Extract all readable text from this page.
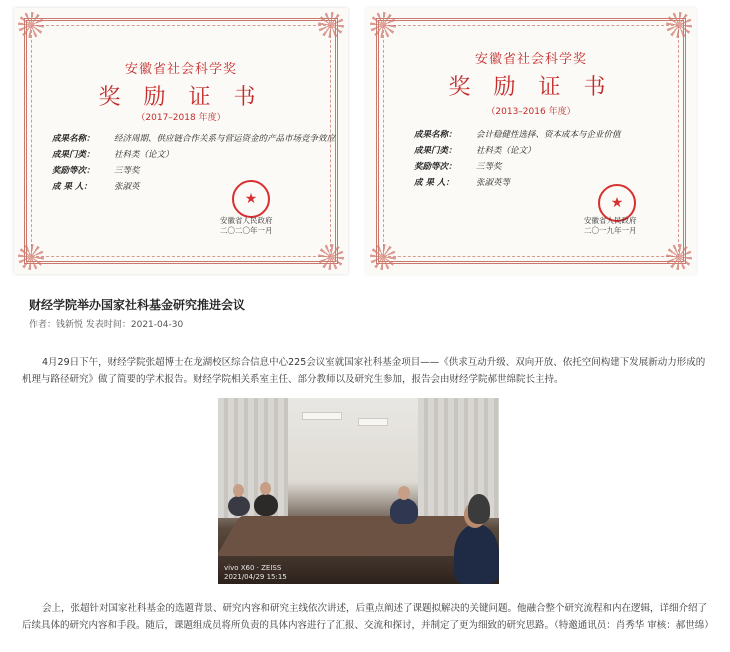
安徽省社会科学奖
奖 励 证 书
（2017–2018 年度）
成果名称：	经济周期、供应链合作关系与营运资金的产品市场竞争效应
成果门类：	社科类（论文）
奖励等次：	三等奖
成 果 人：	张淑英
★
安徽省人民政府
二〇二〇年一月
安徽省社会科学奖
奖 励 证 书
（2013–2016 年度）
成果名称：	会计稳健性选择、资本成本与企业价值
成果门类：	社科类（论文）
奖励等次：	三等奖
成 果 人：	张淑英等
★
安徽省人民政府
二〇一九年一月
财经学院举办国家社科基金研究推进会议
作者：钱新悦 发表时间：2021-04-30

4月29日下午，财经学院张超博士在龙湖校区综合信息中心225会议室就国家社科基金项目——《供求互动升级、双向开放、依托空间构建下发展新动力形成的机理与路径研究》做了简要的学术报告。财经学院相关系室主任、部分教师以及研究生参加，报告会由财经学院郝世绵院长主持。

vivo X60 · ZEISS
2021/04/29 15:15

会上，张超针对国家社科基金的选题背景、研究内容和研究主线依次讲述，后重点阐述了课题拟解决的关键问题。他融合整个研究流程和内在逻辑，详细介绍了后续具体的研究内容和手段。随后，课题组成员将所负责的具体内容进行了汇报、交流和探讨，并制定了更为细致的研究思路。（特邀通讯员：肖秀华 审核：郝世绵）
